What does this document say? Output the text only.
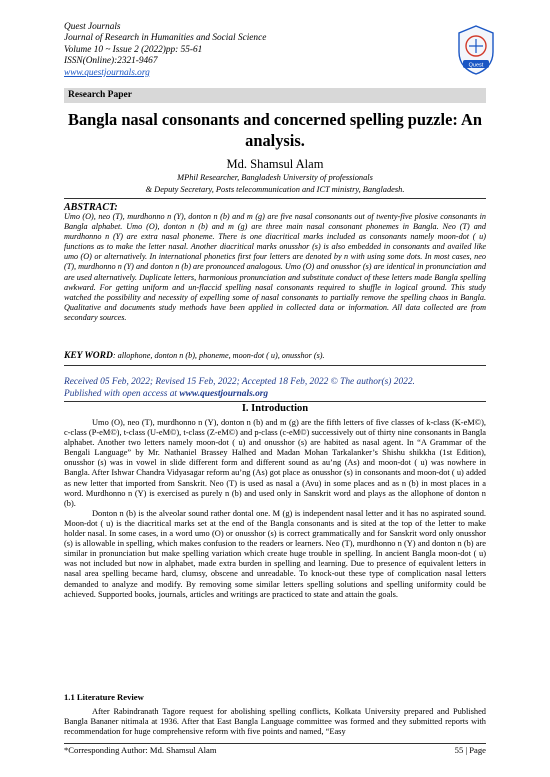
Quest Journals
Journal of Research in Humanities and Social Science
Volume 10 ~ Issue 2 (2022)pp: 55-61
ISSN(Online):2321-9467
www.questjournals.org
Quest
Research Paper
Bangla nasal consonants and concerned spelling puzzle: An analysis.
Md. Shamsul Alam
MPhil Researcher, Bangladesh University of professionals
& Deputy Secretary, Posts telecommunication and ICT ministry, Bangladesh.
ABSTRACT:
Umo (O), neo (T), murdhonno n (Y), donton n (b) and m (g) are five nasal consonants out of twenty-five plosive consonants in Bangla alphabet. Umo (O), donton n (b) and m (g) are three main nasal consonant phonemes in Bangla. Neo (T) and murdhonno n (Y) are extra nasal phoneme. There is one diacritical marks included as consonants namely moon-dot ( u) functions as to make the letter nasal. Another diacritical marks onusshor (s) is also embedded in consonants and availed like umo (O) or alternatively. In international phonetics first four letters are denoted by n with using some dots. In most cases, neo (T), murdhonno n (Y) and donton n (b) are pronounced analogous. Umo (O) and onusshor (s) are identical in pronunciation and are used alternatively. Duplicate letters, harmonious pronunciation and substitute conduct of these letters made Bangla spelling awkward. For getting uniform and un-flaccid spelling nasal consonants required to shuffle in logical ground. This study watched the possibility and necessity of expelling some of nasal consonants to partially remove the spelling chaos in Bangla. Qualitative and documents study methods have been applied in collected data or information. All data collected are from secondary sources.
KEY WORD: allophone, donton n (b), phoneme, moon-dot ( u), onusshor (s).
Received 05 Feb, 2022; Revised 15 Feb, 2022; Accepted 18 Feb, 2022 © The author(s) 2022.
Published with open access at www.questjournals.org
I. Introduction

Umo (O), neo (T), murdhonno n (Y), donton n (b) and m (g) are the fifth letters of five classes of k-class (K-eM©), c-class (P-eM©), t-class (U-eM©), t-class (Z-eM©) and p-class (c-eM©) successively out of thirty nine consonants in Bangla alphabet. Another two letters namely moon-dot ( u) and onusshor (s) are habited as nasal agent. In “A Grammar of the Bengali Language” by Mr. Nathaniel Brassey Halhed and Madan Mohan Tarkalanker’s Shishu shikkha (1st Edition), onusshor (s) was in vowel in slide different form and different sound as au’ng (As) and moon-dot ( u) was nowhere in Bangla. After Ishwar Chandra Vidyasagar reform au’ng (As) got place as onusshor (s) in consonants and moon-dot ( u) added as new letter that imported from Sanskrit. Neo (T) is used as nasal a (Avu) in some places and as n (b) in most places in a word. Murdhonno n (Y) is exercised as purely n (b) and used only in Sanskrit word and plays as the allophone of donton n (b).

Donton n (b) is the alveolar sound rather dontal one. M (g) is independent nasal letter and it has no aspirated sound. Moon-dot ( u) is the diacritical marks set at the end of the Bangla consonants and is sited at the top of the letter to make holder nasal. In some cases, in a word umo (O) or onusshor (s) is correct grammatically and for Sanskrit word only onusshor (s) is allowable in spelling, which makes confusion to the readers or learners. Neo (T), murdhonno n (Y) and donton n (b) are similar in pronunciation but make spelling variation which create huge trouble in spelling. In ancient Bangla moon-dot ( u) was not included but now in alphabet, made extra burden in spelling and learning. Due to presence of equivalent letters in nasal area spelling became hard, clumsy, obscene and unreadable. To knock-out these type of complication nasal letters demanded to analyze and modify. By removing some similar letters spelling solutions and spelling uniformity could be achieved. Supported books, journals, articles and writings are practiced to state and attain the goals.

1.1 Literature Review

After Rabindranath Tagore request for abolishing spelling conflicts, Kolkata University prepared and Published Bangla Bananer nitimala at 1936. After that East Bangla Language committee was formed and they submitted reports with recommendation for huge comprehensive reform with five points and named, “Easy

*Corresponding Author: Md. Shamsul Alam	55 | Page
